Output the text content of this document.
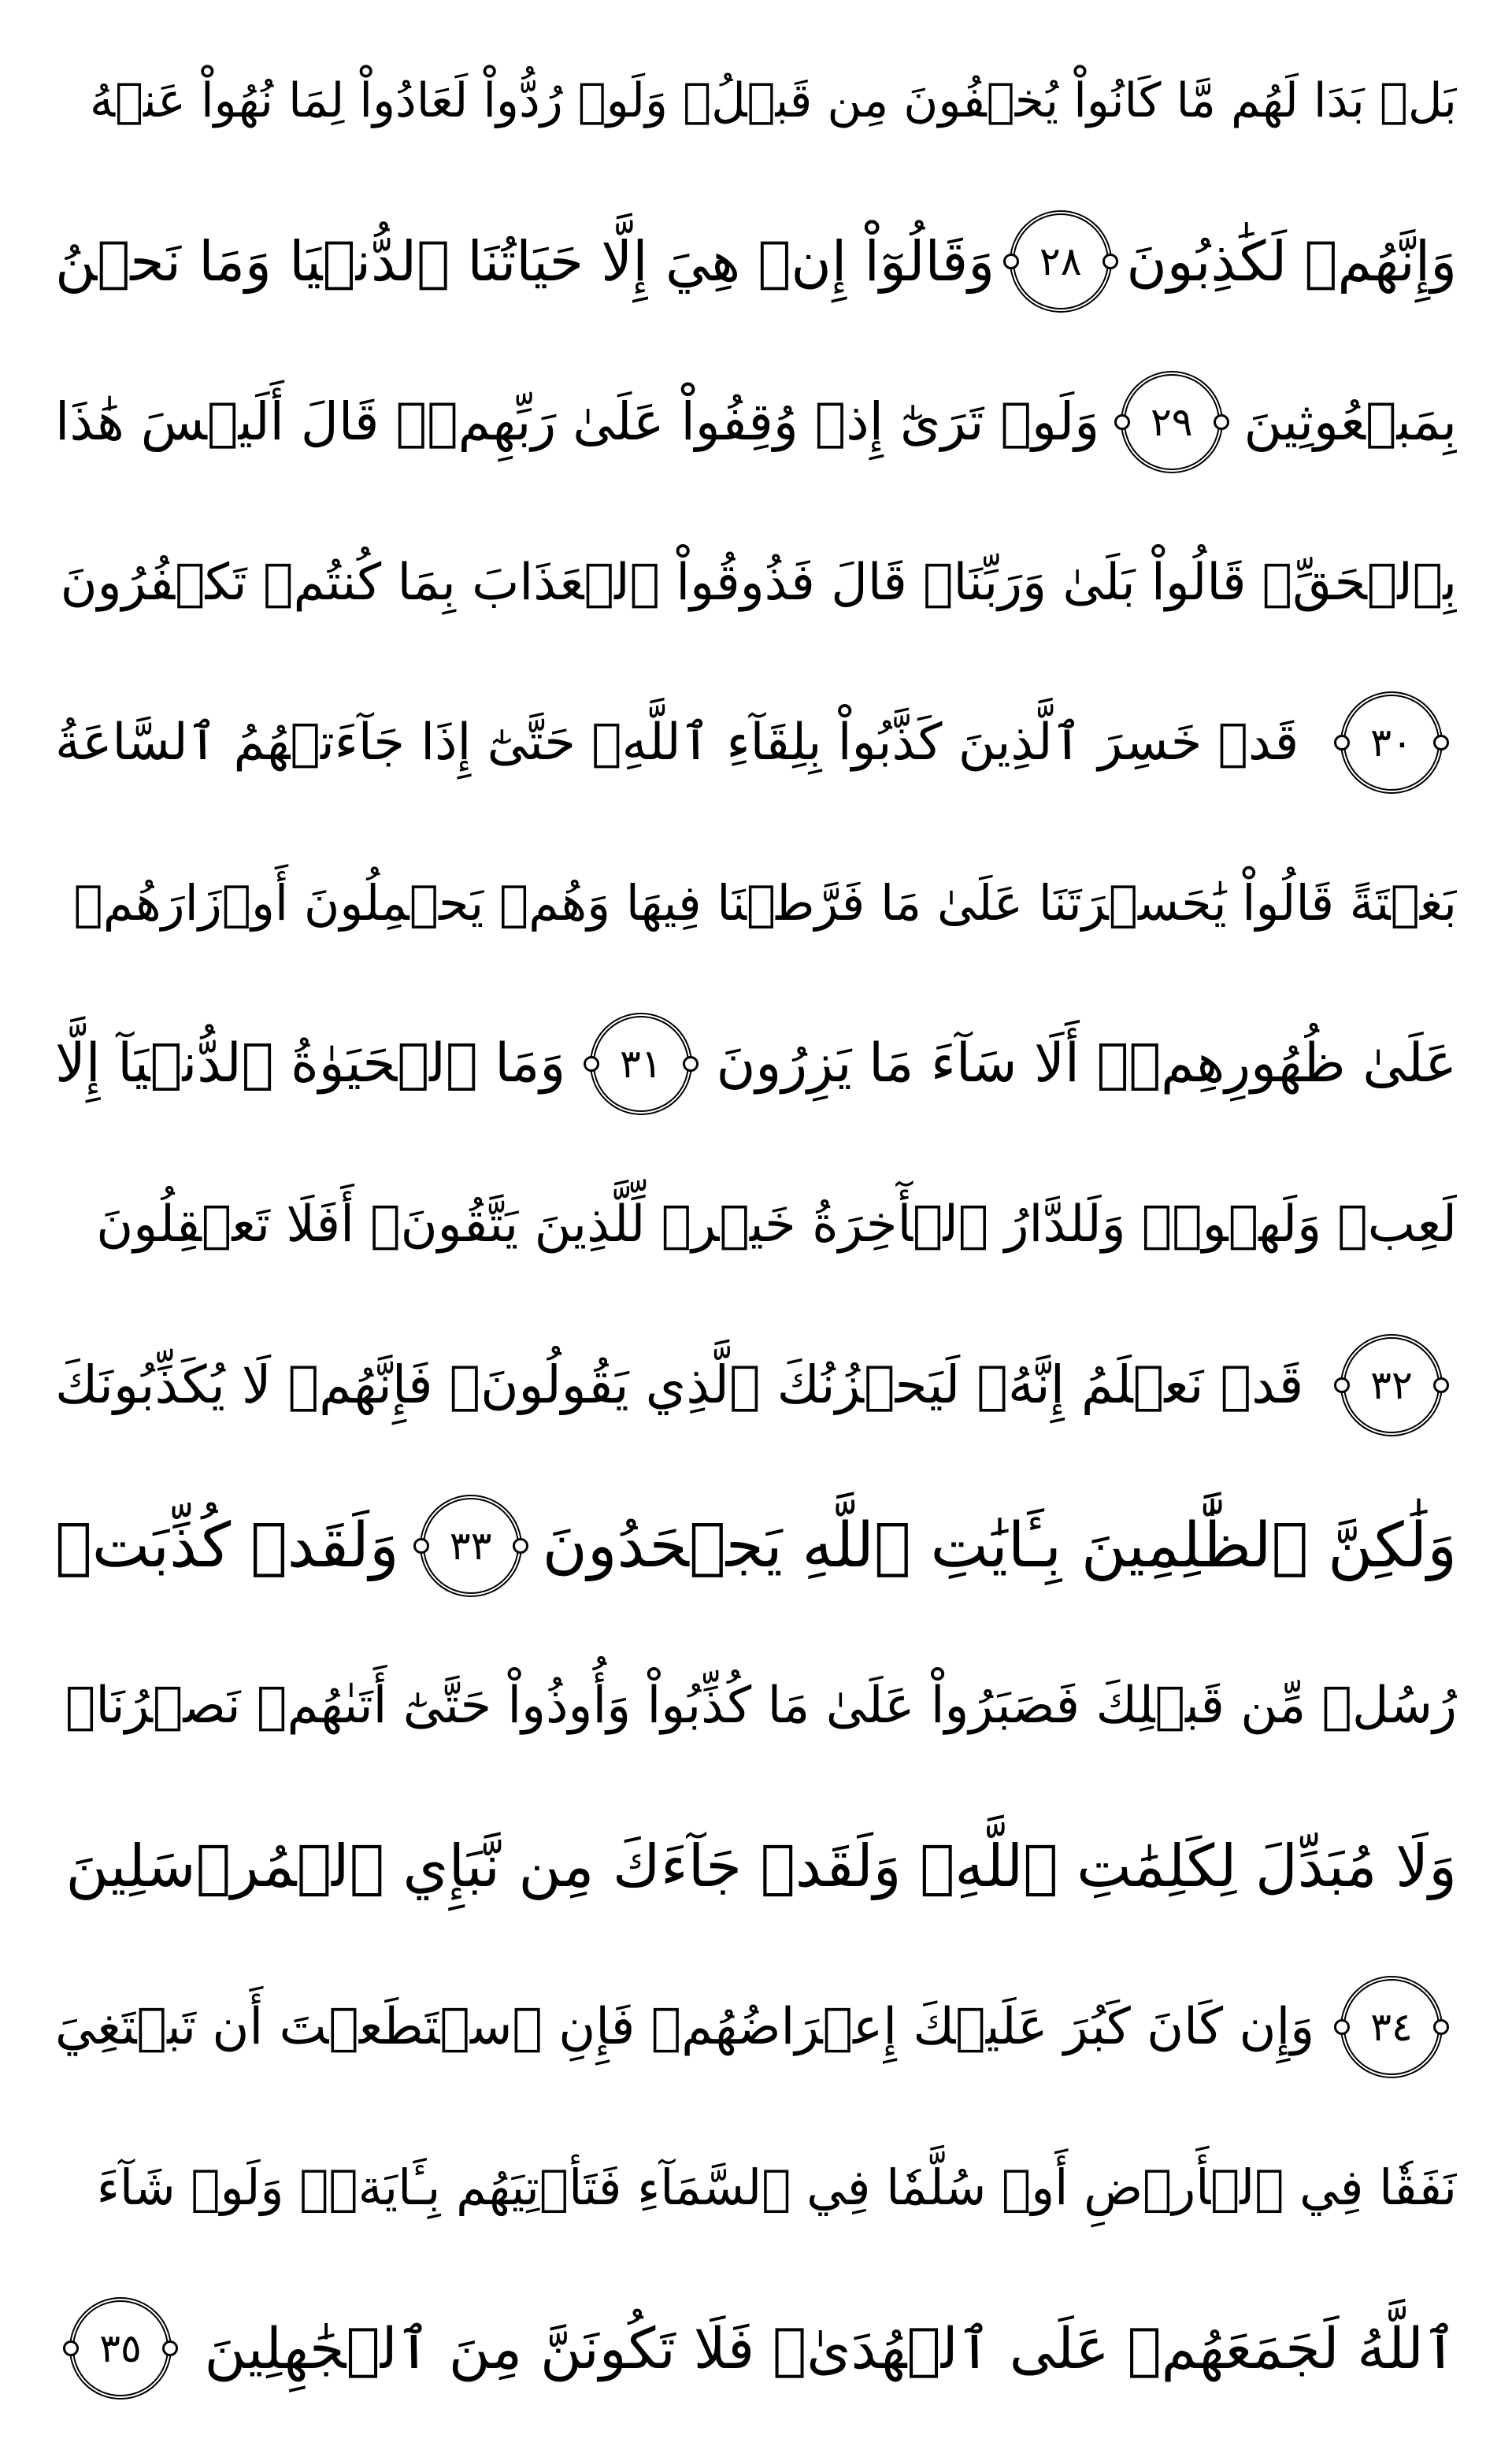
بَلۡ بَدَا لَهُم مَّا كَانُواْ يُخۡفُونَ مِن قَبۡلُۖ وَلَوۡ رُدُّواْ لَعَادُواْ لِمَا نُهُواْ عَنۡهُ
وَإِنَّهُمۡ لَكَٰذِبُونَ
٢٨
وَقَالُوٓاْ إِنۡ هِيَ إِلَّا حَيَاتُنَا ٱلدُّنۡيَا وَمَا نَحۡنُ
بِمَبۡعُوثِينَ
٢٩
وَلَوۡ تَرَىٰٓ إِذۡ وُقِفُواْ عَلَىٰ رَبِّهِمۡۚ قَالَ أَلَيۡسَ هَٰذَا
بِٱلۡحَقِّۚ قَالُواْ بَلَىٰ وَرَبِّنَاۚ قَالَ فَذُوقُواْ ٱلۡعَذَابَ بِمَا كُنتُمۡ تَكۡفُرُونَ
٣٠
قَدۡ خَسِرَ ٱلَّذِينَ كَذَّبُواْ بِلِقَآءِ ٱللَّهِۖ حَتَّىٰٓ إِذَا جَآءَتۡهُمُ ٱلسَّاعَةُ
بَغۡتَةً قَالُواْ يَٰحَسۡرَتَنَا عَلَىٰ مَا فَرَّطۡنَا فِيهَا وَهُمۡ يَحۡمِلُونَ أَوۡزَارَهُمۡ
عَلَىٰ ظُهُورِهِمۡۚ أَلَا سَآءَ مَا يَزِرُونَ
٣١
وَمَا ٱلۡحَيَوٰةُ ٱلدُّنۡيَآ إِلَّا
لَعِبٞ وَلَهۡوٞۖ وَلَلدَّارُ ٱلۡأٓخِرَةُ خَيۡرٞ لِّلَّذِينَ يَتَّقُونَۚ أَفَلَا تَعۡقِلُونَ
٣٢
قَدۡ نَعۡلَمُ إِنَّهُۥ لَيَحۡزُنُكَ ٱلَّذِي يَقُولُونَۖ فَإِنَّهُمۡ لَا يُكَذِّبُونَكَ
وَلَٰكِنَّ ٱلظَّٰلِمِينَ بِـَٔايَٰتِ ٱللَّهِ يَجۡحَدُونَ
٣٣
وَلَقَدۡ كُذِّبَتۡ
رُسُلٞ مِّن قَبۡلِكَ فَصَبَرُواْ عَلَىٰ مَا كُذِّبُواْ وَأُوذُواْ حَتَّىٰٓ أَتَىٰهُمۡ نَصۡرُنَاۚ
وَلَا مُبَدِّلَ لِكَلِمَٰتِ ٱللَّهِۚ وَلَقَدۡ جَآءَكَ مِن نَّبَإِي ٱلۡمُرۡسَلِينَ
٣٤
وَإِن كَانَ كَبُرَ عَلَيۡكَ إِعۡرَاضُهُمۡ فَإِنِ ٱسۡتَطَعۡتَ أَن تَبۡتَغِيَ
نَفَقٗا فِي ٱلۡأَرۡضِ أَوۡ سُلَّمٗا فِي ٱلسَّمَآءِ فَتَأۡتِيَهُم بِـَٔايَةٖۚ وَلَوۡ شَآءَ
ٱللَّهُ لَجَمَعَهُمۡ عَلَى ٱلۡهُدَىٰۚ فَلَا تَكُونَنَّ مِنَ ٱلۡجَٰهِلِينَ
٣٥
